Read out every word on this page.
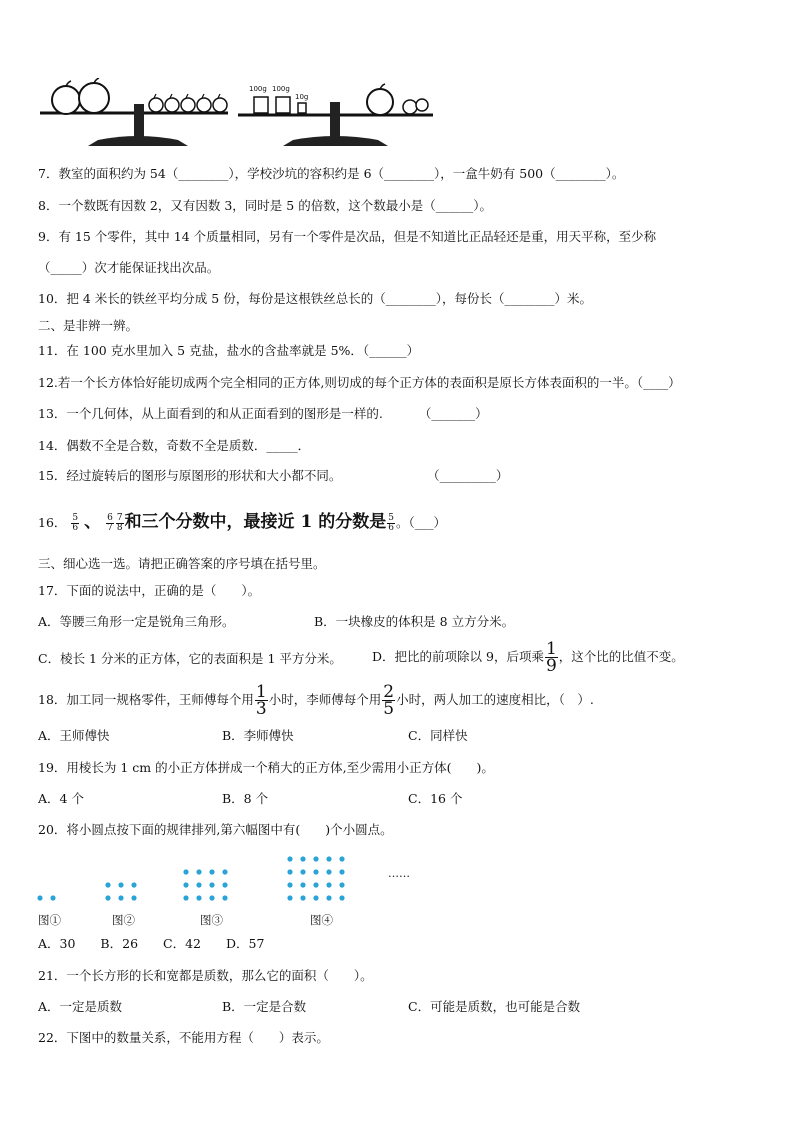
100g 100g
10g
7．教室的面积约为 54（________），学校沙坑的容积约是 6（________），一盒牛奶有 500（________）。
8．一个数既有因数 2，又有因数 3，同时是 5 的倍数，这个数最小是（______）。
9．有 15 个零件，其中 14 个质量相同，另有一个零件是次品，但是不知道比正品轻还是重，用天平称，至少称
（_____）次才能保证找出次品。
10．把 4 米长的铁丝平均分成 5 份，每份是这根铁丝总长的（________），每份长（________）米。
二、是非辨一辨。
11．在 100 克水里加入 5 克盐，盐水的含盐率就是 5%．（______）
12.若一个长方体恰好能切成两个完全相同的正方体,则切成的每个正方体的表面积是原长方体表面积的一半。（____）
13．一个几何体，从上面看到的和从正面看到的图形是一样的.	（_______）
14．偶数不全是合数，奇数不全是质数．_____．
15．经过旋转后的图形与原图形的形状和大小都不同。	（_________）
16． $\frac{5}{6}$ 、 $\frac{6}{7} \frac{7}{8}$ 和三个分数中，最接近 1 的分数是 $\frac{5}{6}$ 。（___）
三、细心选一选。请把正确答案的序号填在括号里。
17．下面的说法中，正确的是（　　）。
A．等腰三角形一定是锐角三角形。	B．一块橡皮的体积是 8 立方分米。
C．棱长 1 分米的正方体，它的表面积是 1 平方分米。 D．把比的前项除以 9，后项乘 $\frac{1}{9}$ ，这个比的比值不变。
18．加工同一规格零件，王师傅每个用 $\frac{1}{3}$ 小时，李师傅每个用 $\frac{2}{5}$ 小时，两人加工的速度相比，（　）.
A．王师傅快	B．李师傅快	C．同样快
19．用棱长为 1 cm 的小正方体拼成一个稍大的正方体,至少需用小正方体(　　)。
A．4 个	B．8 个	C．16 个
20．将小圆点按下面的规律排列,第六幅图中有(　　)个小圆点。
……
图①	图②	图③	图④
A．30　　B．26　　C．42　　D．57
21．一个长方形的长和宽都是质数，那么它的面积（　　）。
A．一定是质数	B．一定是合数	C．可能是质数，也可能是合数
22．下图中的数量关系，不能用方程（　　）表示。
